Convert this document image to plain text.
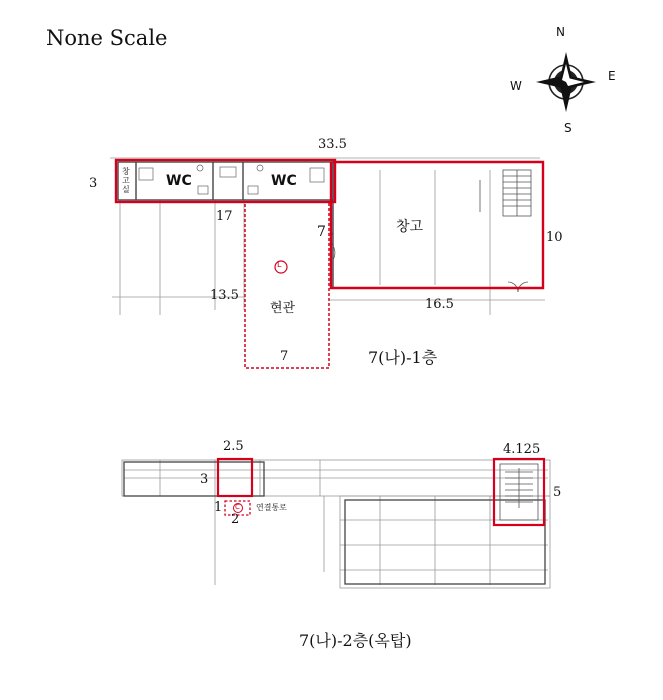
None Scale	N
S
E
W
33.5
3
17
7	10
13.5
16.5
7
WC	WC
창고
현관
창고실
L
7(나)-1층
2.5
3
1
2
4.125
5
연결통로
C
7(나)-2층(옥탑)
